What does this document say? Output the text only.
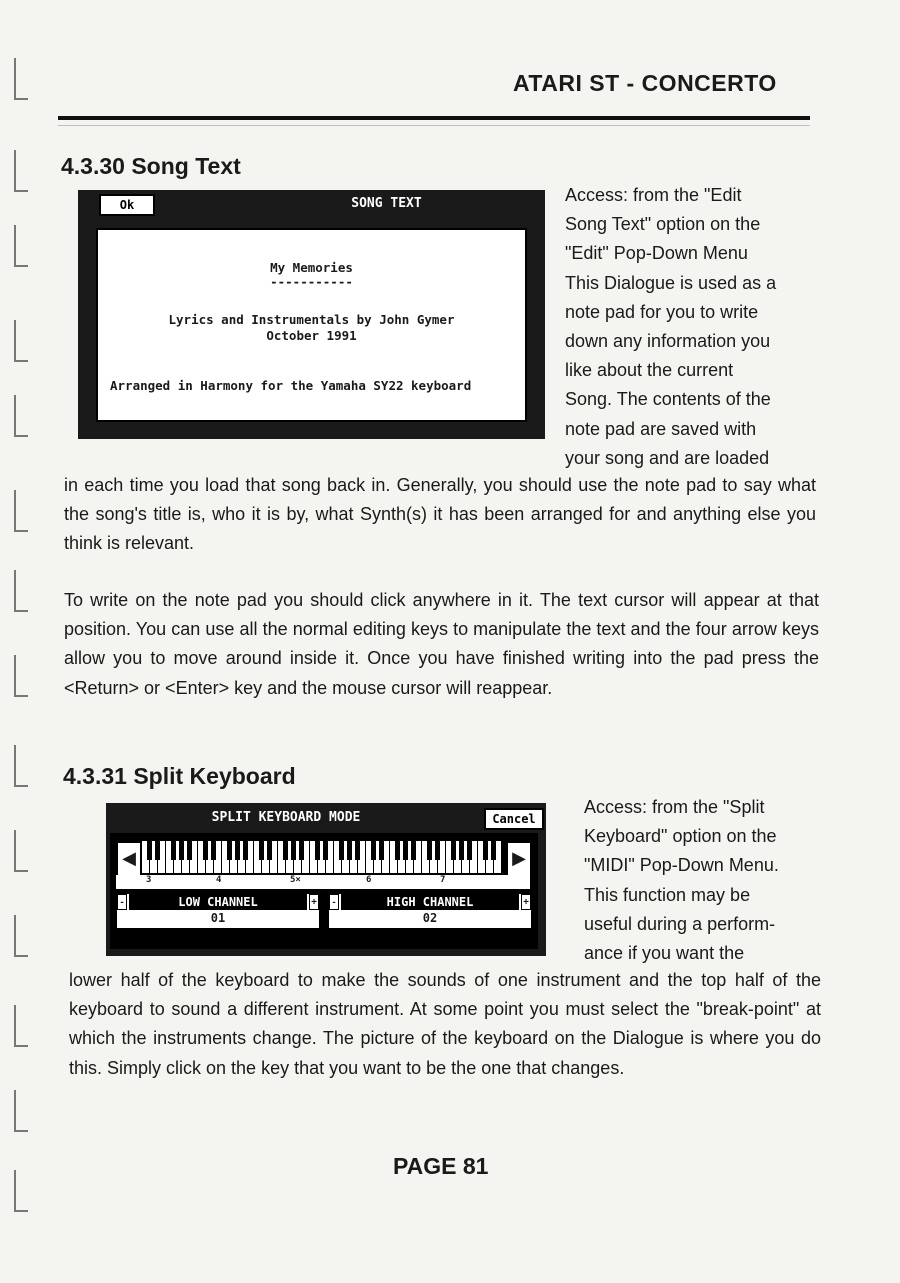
ATARI ST - CONCERTO
4.3.30 Song Text
SONG TEXT
Ok
My Memories
-----------
Lyrics and Instrumentals by John Gymer
October 1991
Arranged in Harmony for the Yamaha SY22 keyboard
Access: from the "Edit
Song Text" option on the
"Edit" Pop-Down Menu
This Dialogue is used as a
note pad for you to write
down any information you
like about the current
Song. The contents of the
note pad are saved with
your song and are loaded

in each time you load that song back in. Generally, you should use the note pad to say what the song's title is, who it is by, what Synth(s) it has been arranged for and anything else you think is relevant.

To write on the note pad you should click anywhere in it. The text cursor will appear at that position. You can use all the normal editing keys to manipulate the text and the four arrow keys allow you to move around inside it. Once you have finished writing into the pad press the <Return> or <Enter> key and the mouse cursor will reappear.

4.3.31 Split Keyboard
SPLIT KEYBOARD MODE	Cancel
◀	▶
3	4	5×	6	7
-	LOW CHANNEL	+
01
-	HIGH CHANNEL	+
02
Access: from the "Split
Keyboard" option on the
"MIDI" Pop-Down Menu.
This function may be
useful during a perform-
ance if you want the

lower half of the keyboard to make the sounds of one instrument and the top half of the keyboard to sound a different instrument. At some point you must select the "break-point" at which the instruments change. The picture of the keyboard on the Dialogue is where you do this. Simply click on the key that you want to be the one that changes.

PAGE 81
